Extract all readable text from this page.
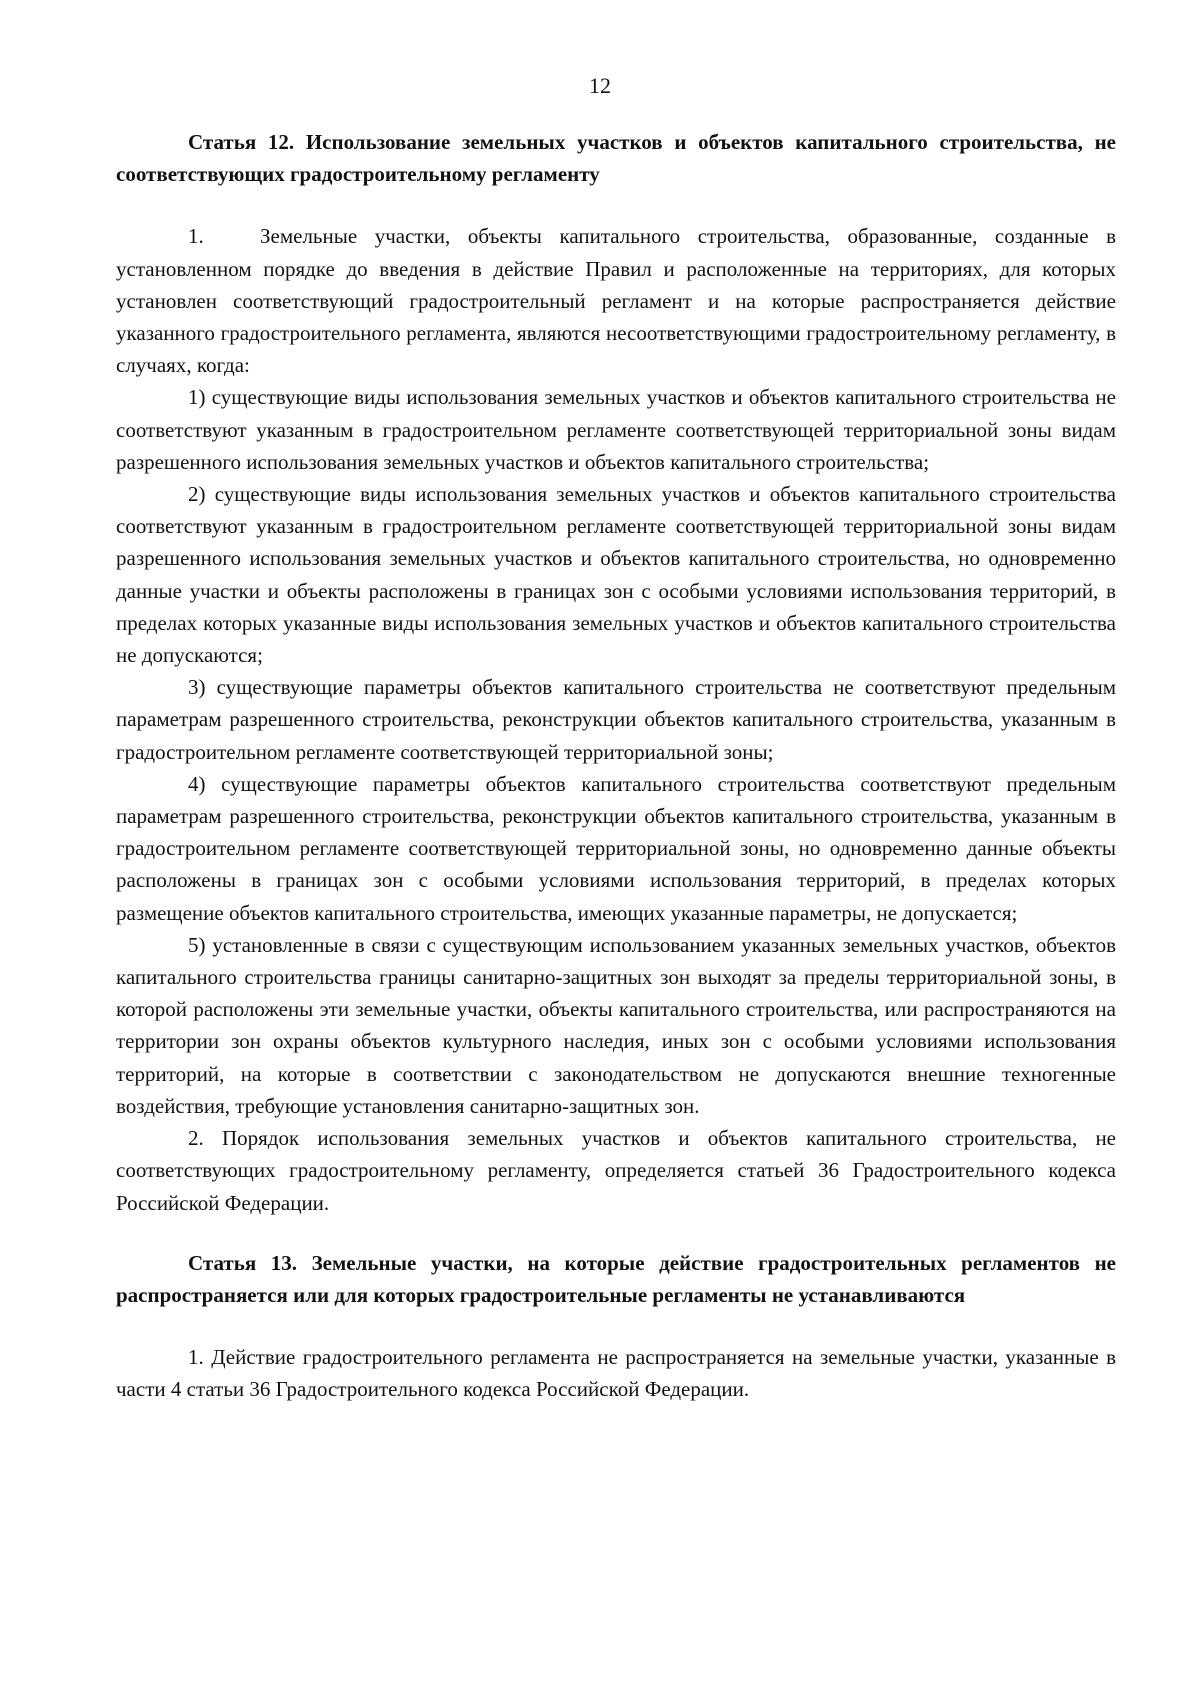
12

Статья 12. Использование земельных участков и объектов капитального строительства, не соответствующих градостроительному регламенту

1.	Земельные участки, объекты капитального строительства, образованные, созданные в установленном порядке до введения в действие Правил и расположенные на территориях, для которых установлен соответствующий градостроительный регламент и на которые распространяется действие указанного градостроительного регламента, являются несоответствующими градостроительному регламенту, в случаях, когда:

1) существующие виды использования земельных участков и объектов капитального строительства не соответствуют указанным в градостроительном регламенте соответствующей территориальной зоны видам разрешенного использования земельных участков и объектов капитального строительства;

2) существующие виды использования земельных участков и объектов капитального строительства соответствуют указанным в градостроительном регламенте соответствующей территориальной зоны видам разрешенного использования земельных участков и объектов капитального строительства, но одновременно данные участки и объекты расположены в границах зон с особыми условиями использования территорий, в пределах которых указанные виды использования земельных участков и объектов капитального строительства не допускаются;

3) существующие параметры объектов капитального строительства не соответствуют предельным параметрам разрешенного строительства, реконструкции объектов капитального строительства, указанным в градостроительном регламенте соответствующей территориальной зоны;

4) существующие параметры объектов капитального строительства соответствуют предельным параметрам разрешенного строительства, реконструкции объектов капитального строительства, указанным в градостроительном регламенте соответствующей территориальной зоны, но одновременно данные объекты расположены в границах зон с особыми условиями использования территорий, в пределах которых размещение объектов капитального строительства, имеющих указанные параметры, не допускается;

5) установленные в связи с существующим использованием указанных земельных участков, объектов капитального строительства границы санитарно-защитных зон выходят за пределы территориальной зоны, в которой расположены эти земельные участки, объекты капитального строительства, или распространяются на территории зон охраны объектов культурного наследия, иных зон с особыми условиями использования территорий, на которые в соответствии с законодательством не допускаются внешние техногенные воздействия, требующие установления санитарно-защитных зон.

2. Порядок использования земельных участков и объектов капитального строительства, не соответствующих градостроительному регламенту, определяется статьей 36 Градостроительного кодекса Российской Федерации.

Статья 13. Земельные участки, на которые действие градостроительных регламентов не распространяется или для которых градостроительные регламенты не устанавливаются

1. Действие градостроительного регламента не распространяется на земельные участки, указанные в части 4 статьи 36 Градостроительного кодекса Российской Федерации.
